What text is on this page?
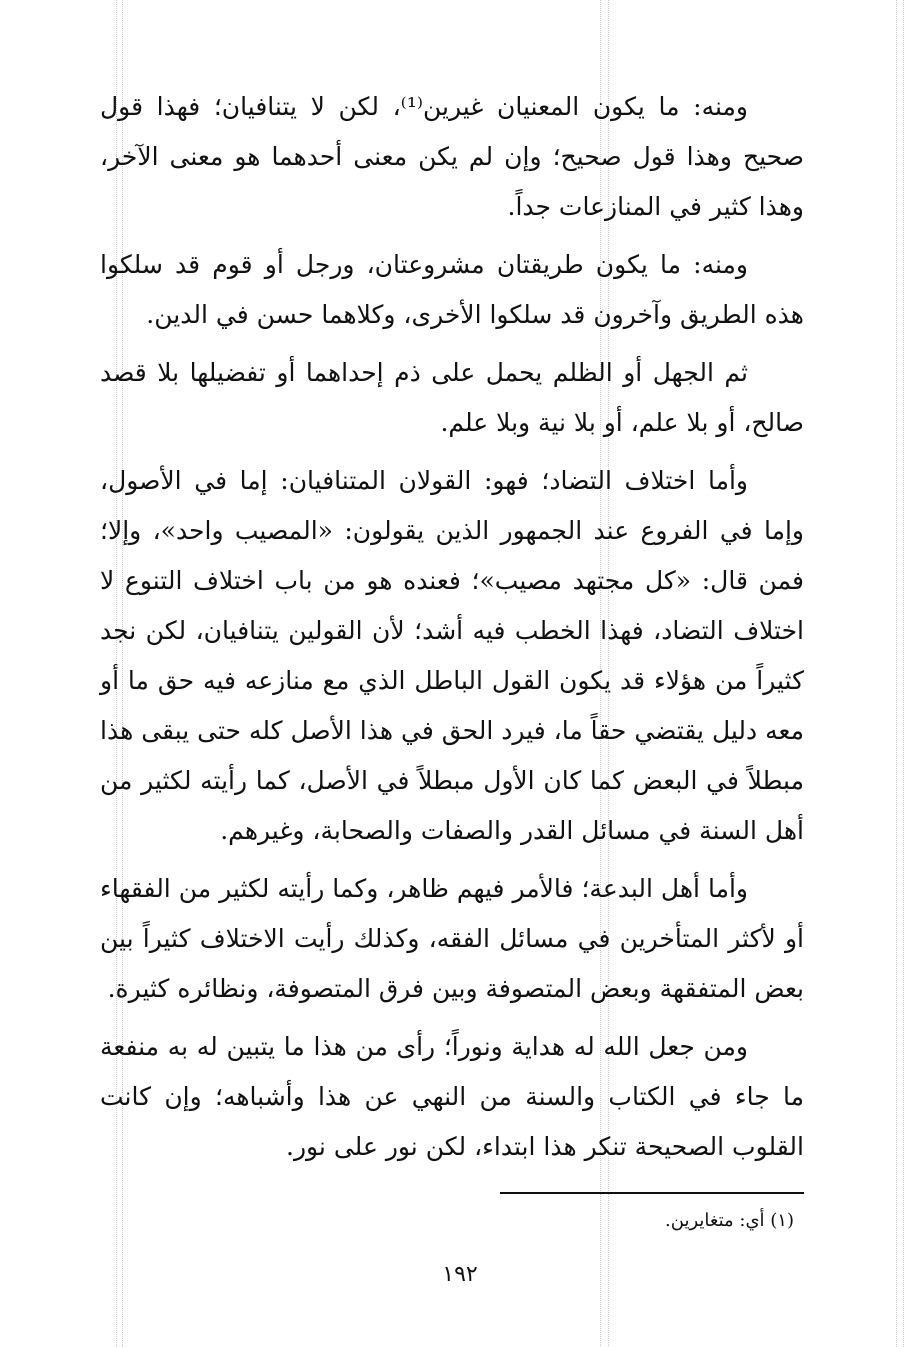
ومنه: ما يكون المعنيان غيرين⁽¹⁾، لكن لا يتنافيان؛ فهذا قول صحيح وهذا قول صحيح؛ وإن لم يكن معنى أحدهما هو معنى الآخر، وهذا كثير في المنازعات جداً.

ومنه: ما يكون طريقتان مشروعتان، ورجل أو قوم قد سلكوا هذه الطريق وآخرون قد سلكوا الأخرى، وكلاهما حسن في الدين.

ثم الجهل أو الظلم يحمل على ذم إحداهما أو تفضيلها بلا قصد صالح، أو بلا علم، أو بلا نية وبلا علم.

وأما اختلاف التضاد؛ فهو: القولان المتنافيان: إما في الأصول، وإما في الفروع عند الجمهور الذين يقولون: «المصيب واحد»، وإلا؛ فمن قال: «كل مجتهد مصيب»؛ فعنده هو من باب اختلاف التنوع لا اختلاف التضاد، فهذا الخطب فيه أشد؛ لأن القولين يتنافيان، لكن نجد كثيراً من هؤلاء قد يكون القول الباطل الذي مع منازعه فيه حق ما أو معه دليل يقتضي حقاً ما، فيرد الحق في هذا الأصل كله حتى يبقى هذا مبطلاً في البعض كما كان الأول مبطلاً في الأصل، كما رأيته لكثير من أهل السنة في مسائل القدر والصفات والصحابة، وغيرهم.

وأما أهل البدعة؛ فالأمر فيهم ظاهر، وكما رأيته لكثير من الفقهاء أو لأكثر المتأخرين في مسائل الفقه، وكذلك رأيت الاختلاف كثيراً بين بعض المتفقهة وبعض المتصوفة وبين فرق المتصوفة، ونظائره كثيرة.

ومن جعل الله له هداية ونوراً؛ رأى من هذا ما يتبين له به منفعة ما جاء في الكتاب والسنة من النهي عن هذا وأشباهه؛ وإن كانت القلوب الصحيحة تنكر هذا ابتداء، لكن نور على نور.

(١) أي: متغايرين.
١٩٢
